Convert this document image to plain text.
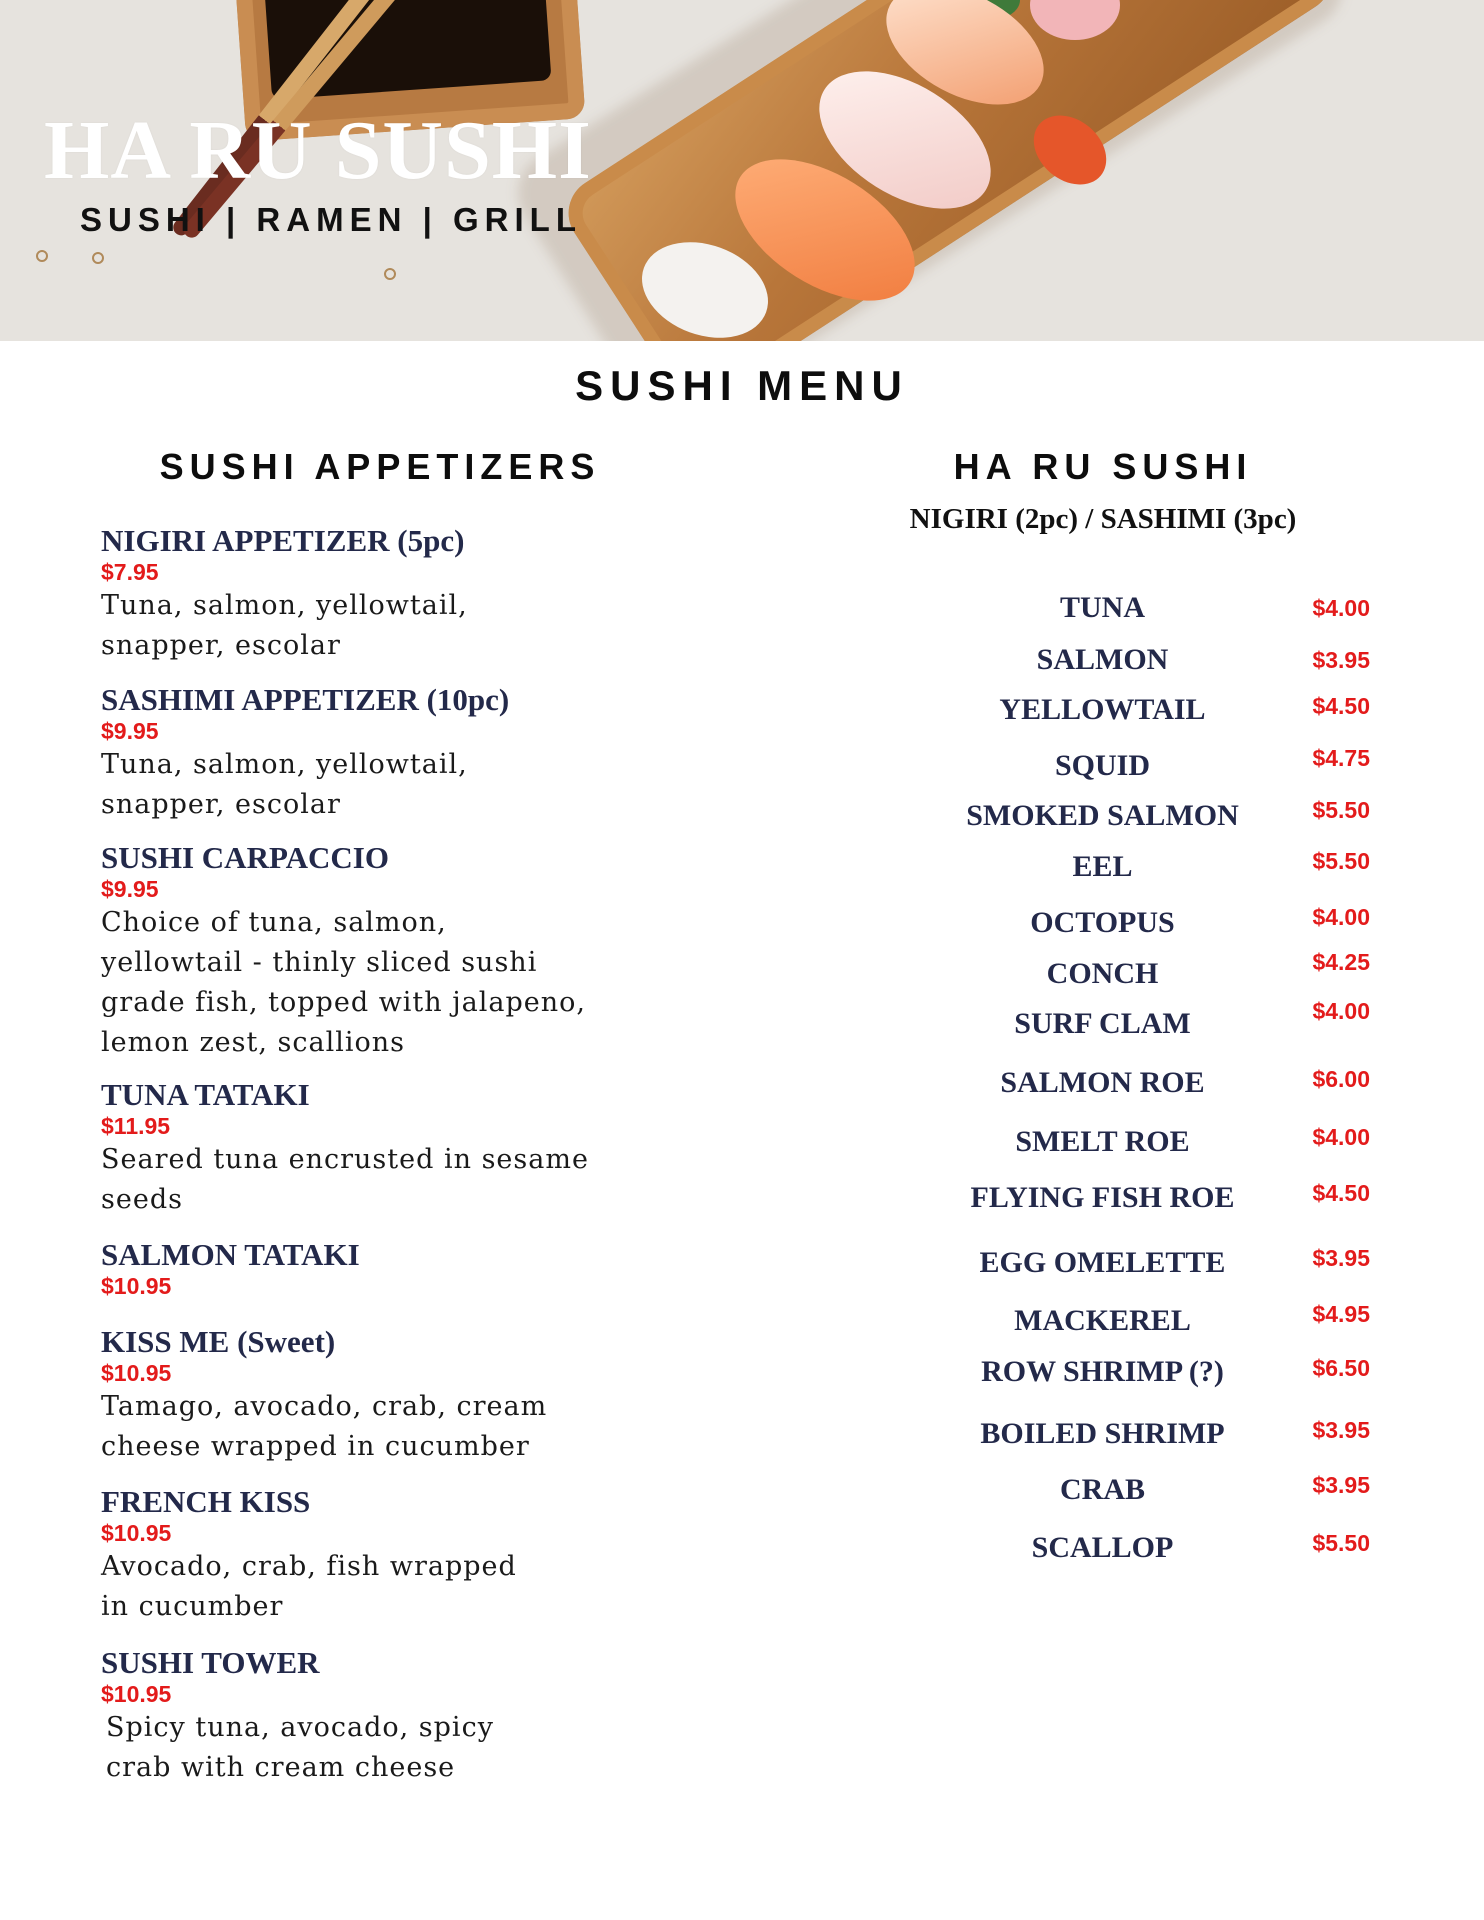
HA RU SUSHI

SUSHI | RAMEN | GRILL

SUSHI MENU
SUSHI APPETIZERS	HA RU SUSHI

NIGIRI (2pc) / SASHIMI (3pc)

NIGIRI APPETIZER (5pc)
$7.95
Tuna, salmon, yellowtail,
snapper, escolar
SASHIMI APPETIZER (10pc)
$9.95
Tuna, salmon, yellowtail,
snapper, escolar
SUSHI CARPACCIO
$9.95
Choice of tuna, salmon,
yellowtail - thinly sliced sushi
grade fish, topped with jalapeno,
lemon zest, scallions
TUNA TATAKI
$11.95
Seared tuna encrusted in sesame
seeds
SALMON TATAKI
$10.95
KISS ME (Sweet)
$10.95
Tamago, avocado, crab, cream
cheese wrapped in cucumber
FRENCH KISS
$10.95
Avocado, crab, fish wrapped
in cucumber
SUSHI TOWER
$10.95
Spicy tuna, avocado, spicy
crab with cream cheese
TUNA	$4.00
SALMON	$3.95
YELLOWTAIL	$4.50
SQUID	$4.75
SMOKED SALMON	$5.50
EEL	$5.50
OCTOPUS	$4.00
CONCH	$4.25
SURF CLAM	$4.00
SALMON ROE	$6.00
SMELT ROE	$4.00
FLYING FISH ROE	$4.50
EGG OMELETTE	$3.95
MACKEREL	$4.95
ROW SHRIMP (?)	$6.50
BOILED SHRIMP	$3.95
CRAB	$3.95
SCALLOP	$5.50
